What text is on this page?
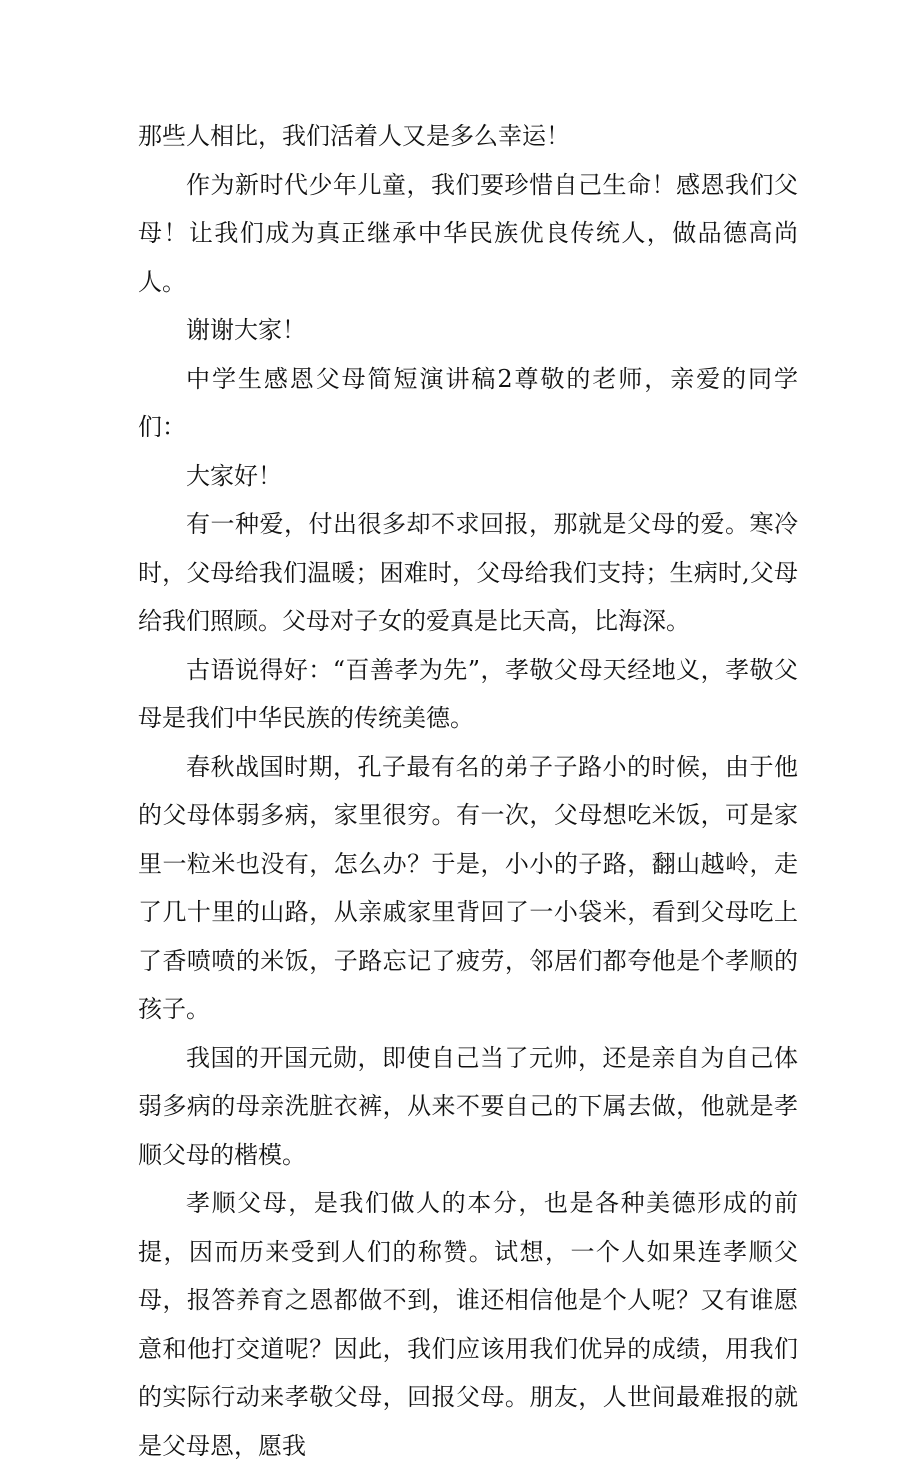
那些人相比，我们活着人又是多么幸运！

作为新时代少年儿童，我们要珍惜自己生命！感恩我们父母！让我们成为真正继承中华民族优良传统人，做品德高尚人。

谢谢大家！

中学生感恩父母简短演讲稿2尊敬的老师，亲爱的同学们：

大家好！

有一种爱，付出很多却不求回报，那就是父母的爱。寒冷时，父母给我们温暖；困难时，父母给我们支持；生病时,父母给我们照顾。父母对子女的爱真是比天高，比海深。

古语说得好：“百善孝为先”，孝敬父母天经地义，孝敬父母是我们中华民族的传统美德。

春秋战国时期，孔子最有名的弟子子路小的时候，由于他的父母体弱多病，家里很穷。有一次，父母想吃米饭，可是家里一粒米也没有，怎么办？于是，小小的子路，翻山越岭，走了几十里的山路，从亲戚家里背回了一小袋米，看到父母吃上了香喷喷的米饭，子路忘记了疲劳，邻居们都夸他是个孝顺的孩子。

我国的开国元勋，即使自己当了元帅，还是亲自为自己体弱多病的母亲洗脏衣裤，从来不要自己的下属去做，他就是孝顺父母的楷模。

孝顺父母，是我们做人的本分，也是各种美德形成的前提，因而历来受到人们的称赞。试想，一个人如果连孝顺父母，报答养育之恩都做不到，谁还相信他是个人呢？又有谁愿意和他打交道呢？因此，我们应该用我们优异的成绩，用我们的实际行动来孝敬父母，回报父母。朋友，人世间最难报的就是父母恩，愿我
